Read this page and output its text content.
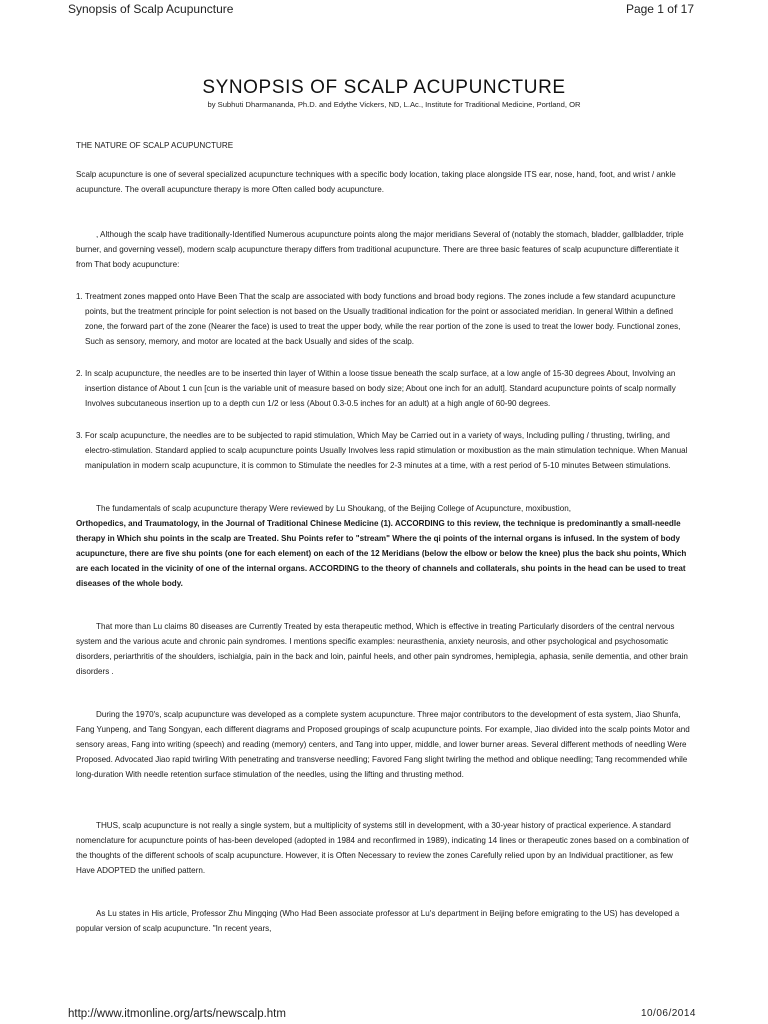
Synopsis of Scalp Acupuncture	Page 1 of 17
SYNOPSIS OF SCALP ACUPUNCTURE
by Subhuti Dharmananda, Ph.D. and Edythe Vickers, ND, L.Ac., Institute for Traditional Medicine, Portland, OR

THE NATURE OF SCALP ACUPUNCTURE

Scalp acupuncture is one of several specialized acupuncture techniques with a specific body location, taking place alongside ITS ear, nose, hand, foot, and wrist / ankle acupuncture. The overall acupuncture therapy is more Often called body acupuncture.

, Although the scalp have traditionally-Identified Numerous acupuncture points along the major meridians Several of (notably the stomach, bladder, gallbladder, triple burner, and governing vessel), modern scalp acupuncture therapy differs from traditional acupuncture. There are three basic features of scalp acupuncture differentiate it from That body acupuncture:

1. Treatment zones mapped onto Have Been That the scalp are associated with body functions and broad body regions. The zones include a few standard acupuncture points, but the treatment principle for point selection is not based on the Usually traditional indication for the point or associated meridian. In general Within a defined zone, the forward part of the zone (Nearer the face) is used to treat the upper body, while the rear portion of the zone is used to treat the lower body. Functional zones, Such as sensory, memory, and motor are located at the back Usually and sides of the scalp.

2. In scalp acupuncture, the needles are to be inserted thin layer of Within a loose tissue beneath the scalp surface, at a low angle of 15-30 degrees About, Involving an insertion distance of About 1 cun [cun is the variable unit of measure based on body size; About one inch for an adult]. Standard acupuncture points of scalp normally Involves subcutaneous insertion up to a depth cun 1/2 or less (About 0.3-0.5 inches for an adult) at a high angle of 60-90 degrees.

3. For scalp acupuncture, the needles are to be subjected to rapid stimulation, Which May be Carried out in a variety of ways, Including pulling / thrusting, twirling, and electro-stimulation. Standard applied to scalp acupuncture points Usually Involves less rapid stimulation or moxibustion as the main stimulation technique. When Manual manipulation in modern scalp acupuncture, it is common to Stimulate the needles for 2-3 minutes at a time, with a rest period of 5-10 minutes Between stimulations.

The fundamentals of scalp acupuncture therapy Were reviewed by Lu Shoukang, of the Beijing College of Acupuncture, moxibustion,

Orthopedics, and Traumatology, in the Journal of Traditional Chinese Medicine (1). ACCORDING to this review, the technique is predominantly a small-needle therapy in Which shu points in the scalp are Treated. Shu Points refer to "stream" Where the qi points of the internal organs is infused. In the system of body acupuncture, there are five shu points (one for each element) on each of the 12 Meridians (below the elbow or below the knee) plus the back shu points, Which are each located in the vicinity of one of the internal organs. ACCORDING to the theory of channels and collaterals, shu points in the head can be used to treat diseases of the whole body.

That more than Lu claims 80 diseases are Currently Treated by esta therapeutic method, Which is effective in treating Particularly disorders of the central nervous system and the various acute and chronic pain syndromes. I mentions specific examples: neurasthenia, anxiety neurosis, and other psychological and psychosomatic disorders, periarthritis of the shoulders, ischialgia, pain in the back and loin, painful heels, and other pain syndromes, hemiplegia, aphasia, senile dementia, and other brain disorders .

During the 1970's, scalp acupuncture was developed as a complete system acupuncture. Three major contributors to the development of esta system, Jiao Shunfa, Fang Yunpeng, and Tang Songyan, each different diagrams and Proposed groupings of scalp acupuncture points. For example, Jiao divided into the scalp points Motor and sensory areas, Fang into writing (speech) and reading (memory) centers, and Tang into upper, middle, and lower burner areas. Several different methods of needling Were Proposed. Advocated Jiao rapid twirling With penetrating and transverse needling; Favored Fang slight twirling the method and oblique needling; Tang recommended while long-duration With needle retention surface stimulation of the needles, using the lifting and thrusting method.

THUS, scalp acupuncture is not really a single system, but a multiplicity of systems still in development, with a 30-year history of practical experience. A standard nomenclature for acupuncture points of has-been developed (adopted in 1984 and reconfirmed in 1989), indicating 14 lines or therapeutic zones based on a combination of the thoughts of the different schools of scalp acupuncture. However, it is Often Necessary to review the zones Carefully relied upon by an Individual practitioner, as few Have ADOPTED the unified pattern.

As Lu states in His article, Professor Zhu Mingqing (Who Had Been associate professor at Lu's department in Beijing before emigrating to the US) has developed a popular version of scalp acupuncture. "In recent years,

http://www.itmonline.org/arts/newscalp.htm	10/06/2014
